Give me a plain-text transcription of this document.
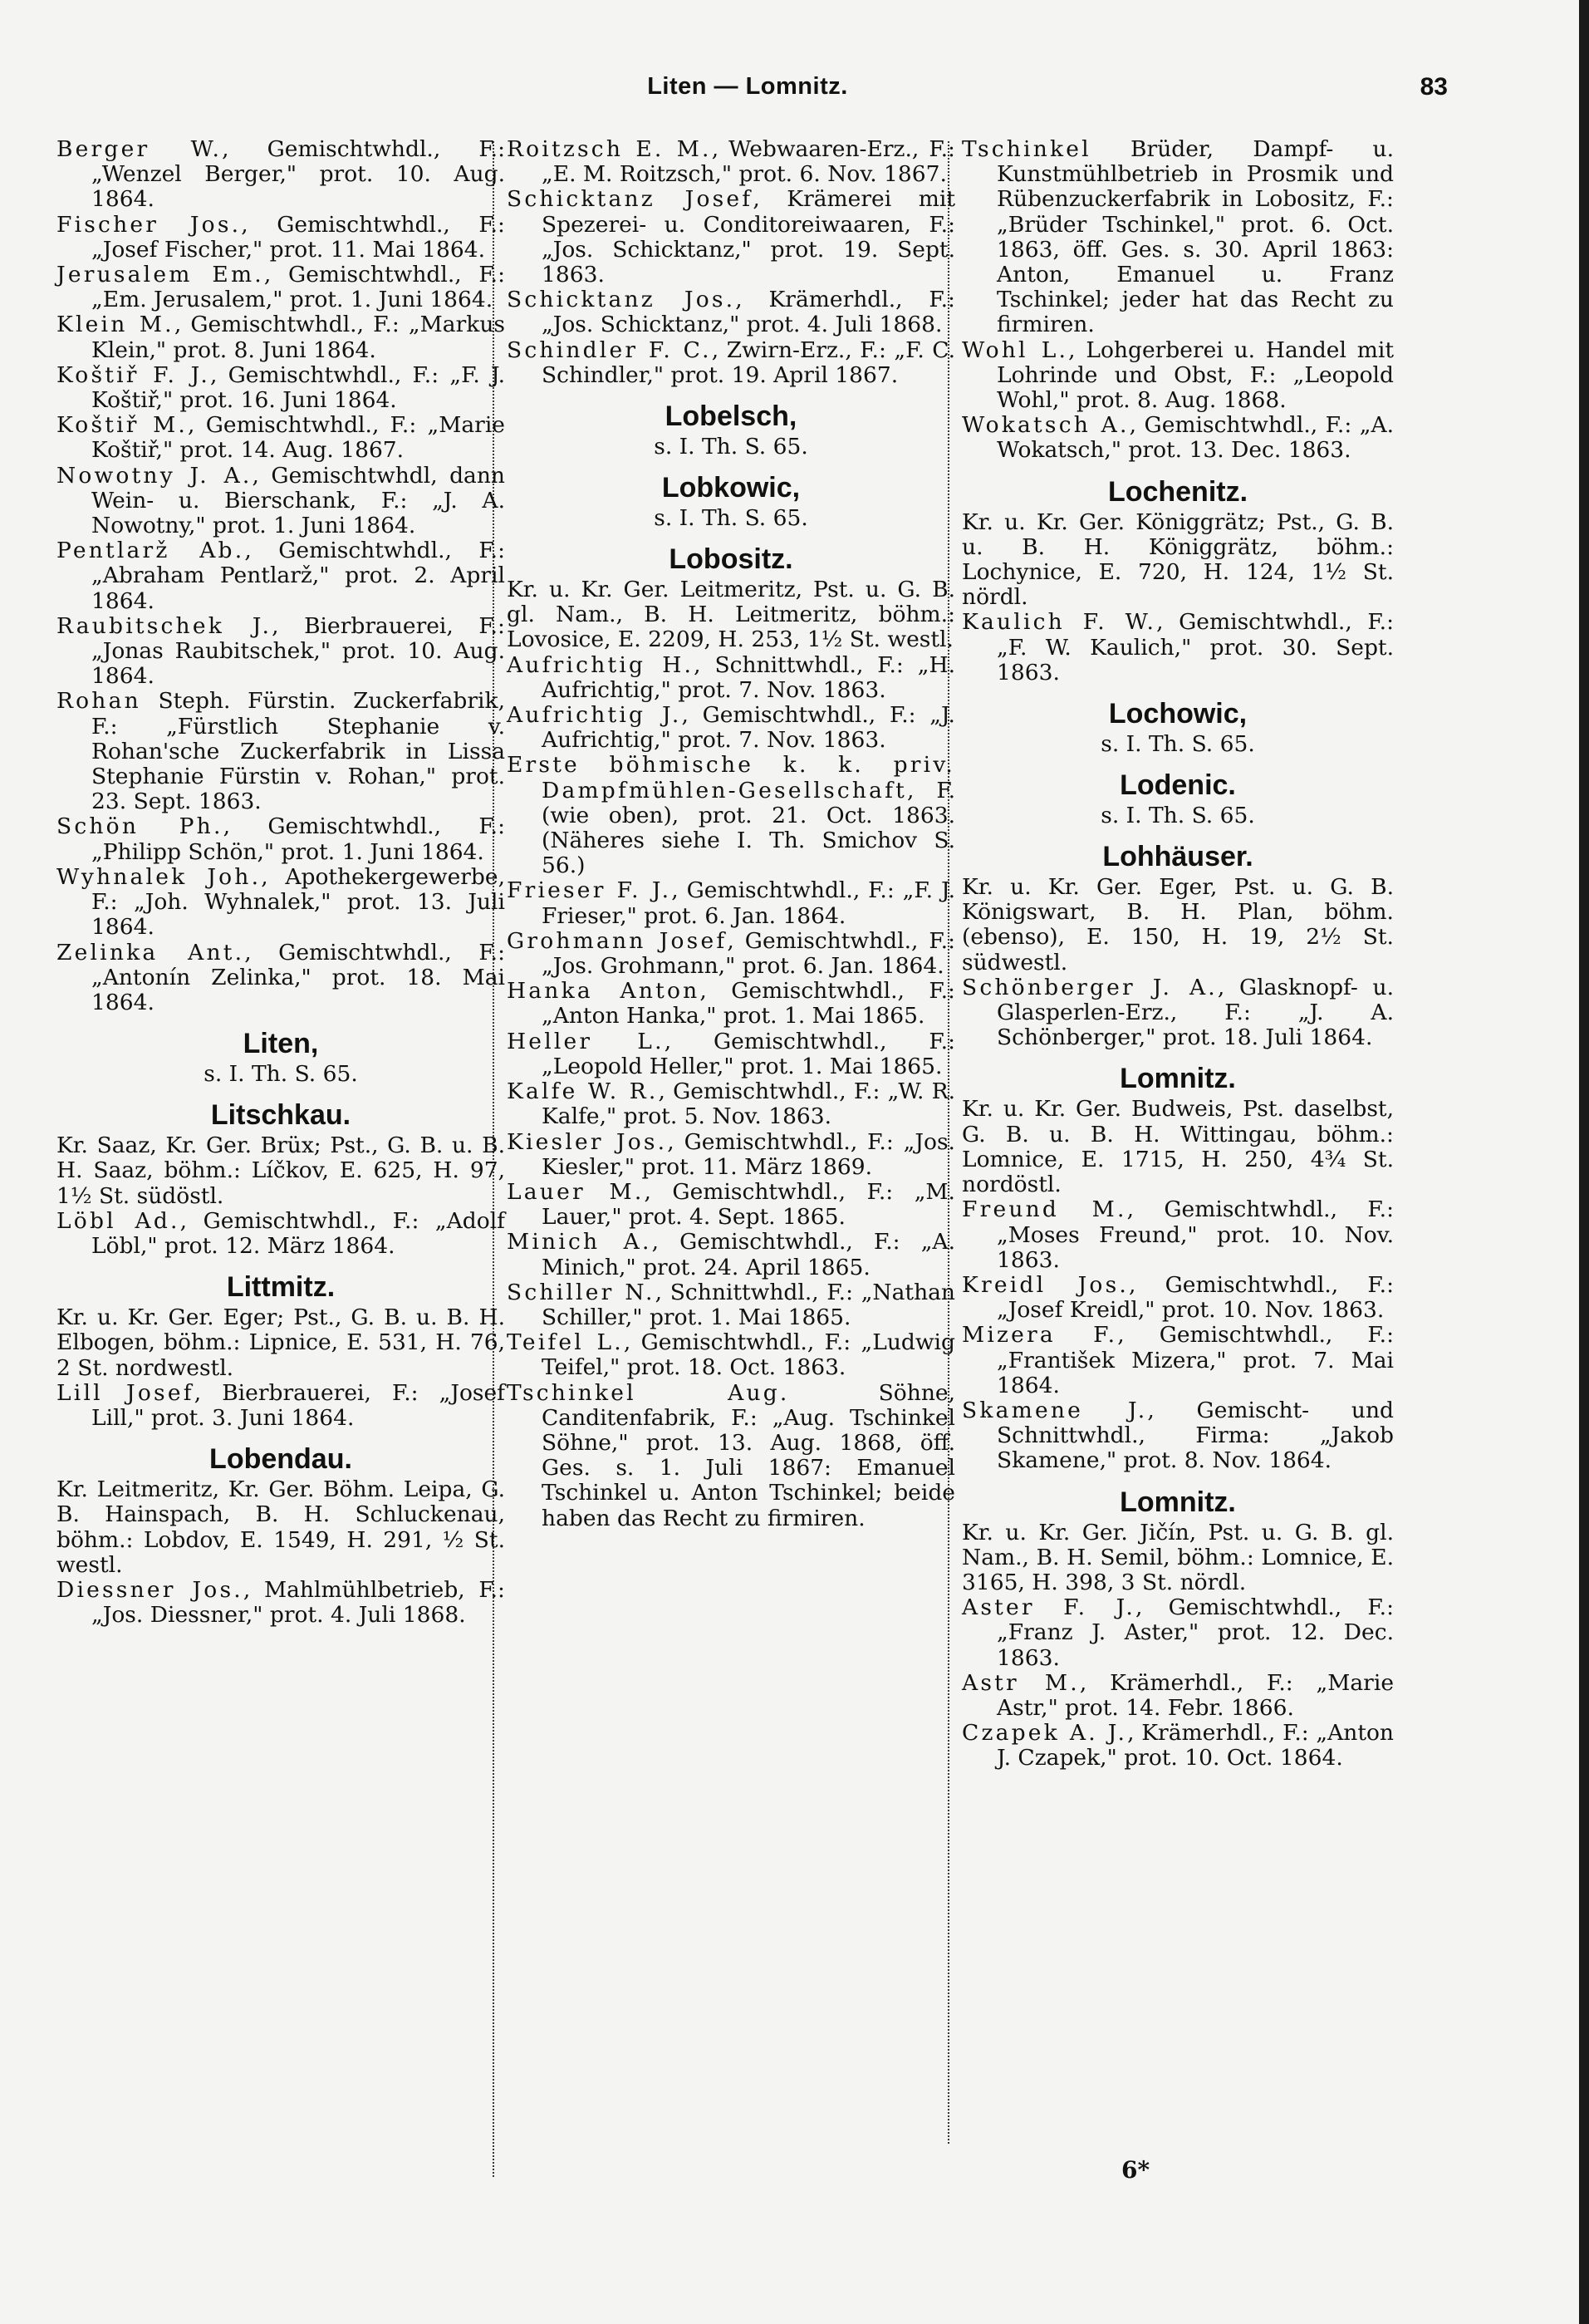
Liten — Lomnitz.	83
Berger W., Gemischtwhdl., F.: „Wenzel Berger," prot. 10. Aug. 1864.
Fischer Jos., Gemischtwhdl., F.: „Josef Fischer," prot. 11. Mai 1864.
Jerusalem Em., Gemischtwhdl., F.: „Em. Jerusalem," prot. 1. Juni 1864.
Klein M., Gemischtwhdl., F.: „Markus Klein," prot. 8. Juni 1864.
Koštiř F. J., Gemischtwhdl., F.: „F. J. Koštiř," prot. 16. Juni 1864.
Koštiř M., Gemischtwhdl., F.: „Marie Koštiř," prot. 14. Aug. 1867.
Nowotny J. A., Gemischtwhdl, dann Wein- u. Bierschank, F.: „J. A. Nowotny," prot. 1. Juni 1864.
Pentlarž Ab., Gemischtwhdl., F.: „Abraham Pentlarž," prot. 2. April 1864.
Raubitschek J., Bierbrauerei, F.: „Jonas Raubitschek," prot. 10. Aug. 1864.
Rohan Steph. Fürstin. Zuckerfabrik, F.: „Fürstlich Stephanie v. Rohan'sche Zuckerfabrik in Lissa Stephanie Fürstin v. Rohan," prot. 23. Sept. 1863.
Schön Ph., Gemischtwhdl., F.: „Philipp Schön," prot. 1. Juni 1864.
Wyhnalek Joh., Apothekergewerbe, F.: „Joh. Wyhnalek," prot. 13. Juli 1864.
Zelinka Ant., Gemischtwhdl., F.: „Antonín Zelinka," prot. 18. Mai 1864.
Liten,
s. I. Th. S. 65.
Litschkau.
Kr. Saaz, Kr. Ger. Brüx; Pst., G. B. u. B. H. Saaz, böhm.: Líčkov, E. 625, H. 97, 1½ St. südöstl.
Löbl Ad., Gemischtwhdl., F.: „Adolf Löbl," prot. 12. März 1864.
Littmitz.
Kr. u. Kr. Ger. Eger; Pst., G. B. u. B. H. Elbogen, böhm.: Lipnice, E. 531, H. 76, 2 St. nordwestl.
Lill Josef, Bierbrauerei, F.: „Josef Lill," prot. 3. Juni 1864.
Lobendau.
Kr. Leitmeritz, Kr. Ger. Böhm. Leipa, G. B. Hainspach, B. H. Schluckenau, böhm.: Lobdov, E. 1549, H. 291, ½ St. westl.
Diessner Jos., Mahlmühlbetrieb, F.: „Jos. Diessner," prot. 4. Juli 1868.
Roitzsch E. M., Webwaaren-Erz., F.: „E. M. Roitzsch," prot. 6. Nov. 1867.
Schicktanz Josef, Krämerei mit Spezerei- u. Conditoreiwaaren, F.: „Jos. Schicktanz," prot. 19. Sept. 1863.
Schicktanz Jos., Krämerhdl., F.: „Jos. Schicktanz," prot. 4. Juli 1868.
Schindler F. C., Zwirn-Erz., F.: „F. C. Schindler," prot. 19. April 1867.
Lobelsch,
s. I. Th. S. 65.
Lobkowic,
s. I. Th. S. 65.
Lobositz.
Kr. u. Kr. Ger. Leitmeritz, Pst. u. G. B. gl. Nam., B. H. Leitmeritz, böhm.: Lovosice, E. 2209, H. 253, 1½ St. westl.
Aufrichtig H., Schnittwhdl., F.: „H. Aufrichtig," prot. 7. Nov. 1863.
Aufrichtig J., Gemischtwhdl., F.: „J. Aufrichtig," prot. 7. Nov. 1863.
Erste böhmische k. k. priv. Dampfmühlen-Gesellschaft, F. (wie oben), prot. 21. Oct. 1863. (Näheres siehe I. Th. Smichov S. 56.)
Frieser F. J., Gemischtwhdl., F.: „F. J. Frieser," prot. 6. Jan. 1864.
Grohmann Josef, Gemischtwhdl., F.: „Jos. Grohmann," prot. 6. Jan. 1864.
Hanka Anton, Gemischtwhdl., F.: „Anton Hanka," prot. 1. Mai 1865.
Heller L., Gemischtwhdl., F.: „Leopold Heller," prot. 1. Mai 1865.
Kalfe W. R., Gemischtwhdl., F.: „W. R. Kalfe," prot. 5. Nov. 1863.
Kiesler Jos., Gemischtwhdl., F.: „Jos. Kiesler," prot. 11. März 1869.
Lauer M., Gemischtwhdl., F.: „M. Lauer," prot. 4. Sept. 1865.
Minich A., Gemischtwhdl., F.: „A. Minich," prot. 24. April 1865.
Schiller N., Schnittwhdl., F.: „Nathan Schiller," prot. 1. Mai 1865.
Teifel L., Gemischtwhdl., F.: „Ludwig Teifel," prot. 18. Oct. 1863.
Tschinkel Aug. Söhne, Canditenfabrik, F.: „Aug. Tschinkel Söhne," prot. 13. Aug. 1868, öff. Ges. s. 1. Juli 1867: Emanuel Tschinkel u. Anton Tschinkel; beide haben das Recht zu firmiren.
Tschinkel Brüder, Dampf- u. Kunstmühlbetrieb in Prosmik und Rübenzuckerfabrik in Lobositz, F.: „Brüder Tschinkel," prot. 6. Oct. 1863, öff. Ges. s. 30. April 1863: Anton, Emanuel u. Franz Tschinkel; jeder hat das Recht zu firmiren.
Wohl L., Lohgerberei u. Handel mit Lohrinde und Obst, F.: „Leopold Wohl," prot. 8. Aug. 1868.
Wokatsch A., Gemischtwhdl., F.: „A. Wokatsch," prot. 13. Dec. 1863.
Lochenitz.
Kr. u. Kr. Ger. Königgrätz; Pst., G. B. u. B. H. Königgrätz, böhm.: Lochynice, E. 720, H. 124, 1½ St. nördl.
Kaulich F. W., Gemischtwhdl., F.: „F. W. Kaulich," prot. 30. Sept. 1863.
Lochowic,
s. I. Th. S. 65.
Lodenic.
s. I. Th. S. 65.
Lohhäuser.
Kr. u. Kr. Ger. Eger, Pst. u. G. B. Königswart, B. H. Plan, böhm. (ebenso), E. 150, H. 19, 2½ St. südwestl.
Schönberger J. A., Glasknopf- u. Glasperlen-Erz., F.: „J. A. Schönberger," prot. 18. Juli 1864.
Lomnitz.
Kr. u. Kr. Ger. Budweis, Pst. daselbst, G. B. u. B. H. Wittingau, böhm.: Lomnice, E. 1715, H. 250, 4¾ St. nordöstl.
Freund M., Gemischtwhdl., F.: „Moses Freund," prot. 10. Nov. 1863.
Kreidl Jos., Gemischtwhdl., F.: „Josef Kreidl," prot. 10. Nov. 1863.
Mizera F., Gemischtwhdl., F.: „František Mizera," prot. 7. Mai 1864.
Skamene J., Gemischt- und Schnittwhdl., Firma: „Jakob Skamene," prot. 8. Nov. 1864.
Lomnitz.
Kr. u. Kr. Ger. Jičín, Pst. u. G. B. gl. Nam., B. H. Semil, böhm.: Lomnice, E. 3165, H. 398, 3 St. nördl.
Aster F. J., Gemischtwhdl., F.: „Franz J. Aster," prot. 12. Dec. 1863.
Astr M., Krämerhdl., F.: „Marie Astr," prot. 14. Febr. 1866.
Czapek A. J., Krämerhdl., F.: „Anton J. Czapek," prot. 10. Oct. 1864.
6*
